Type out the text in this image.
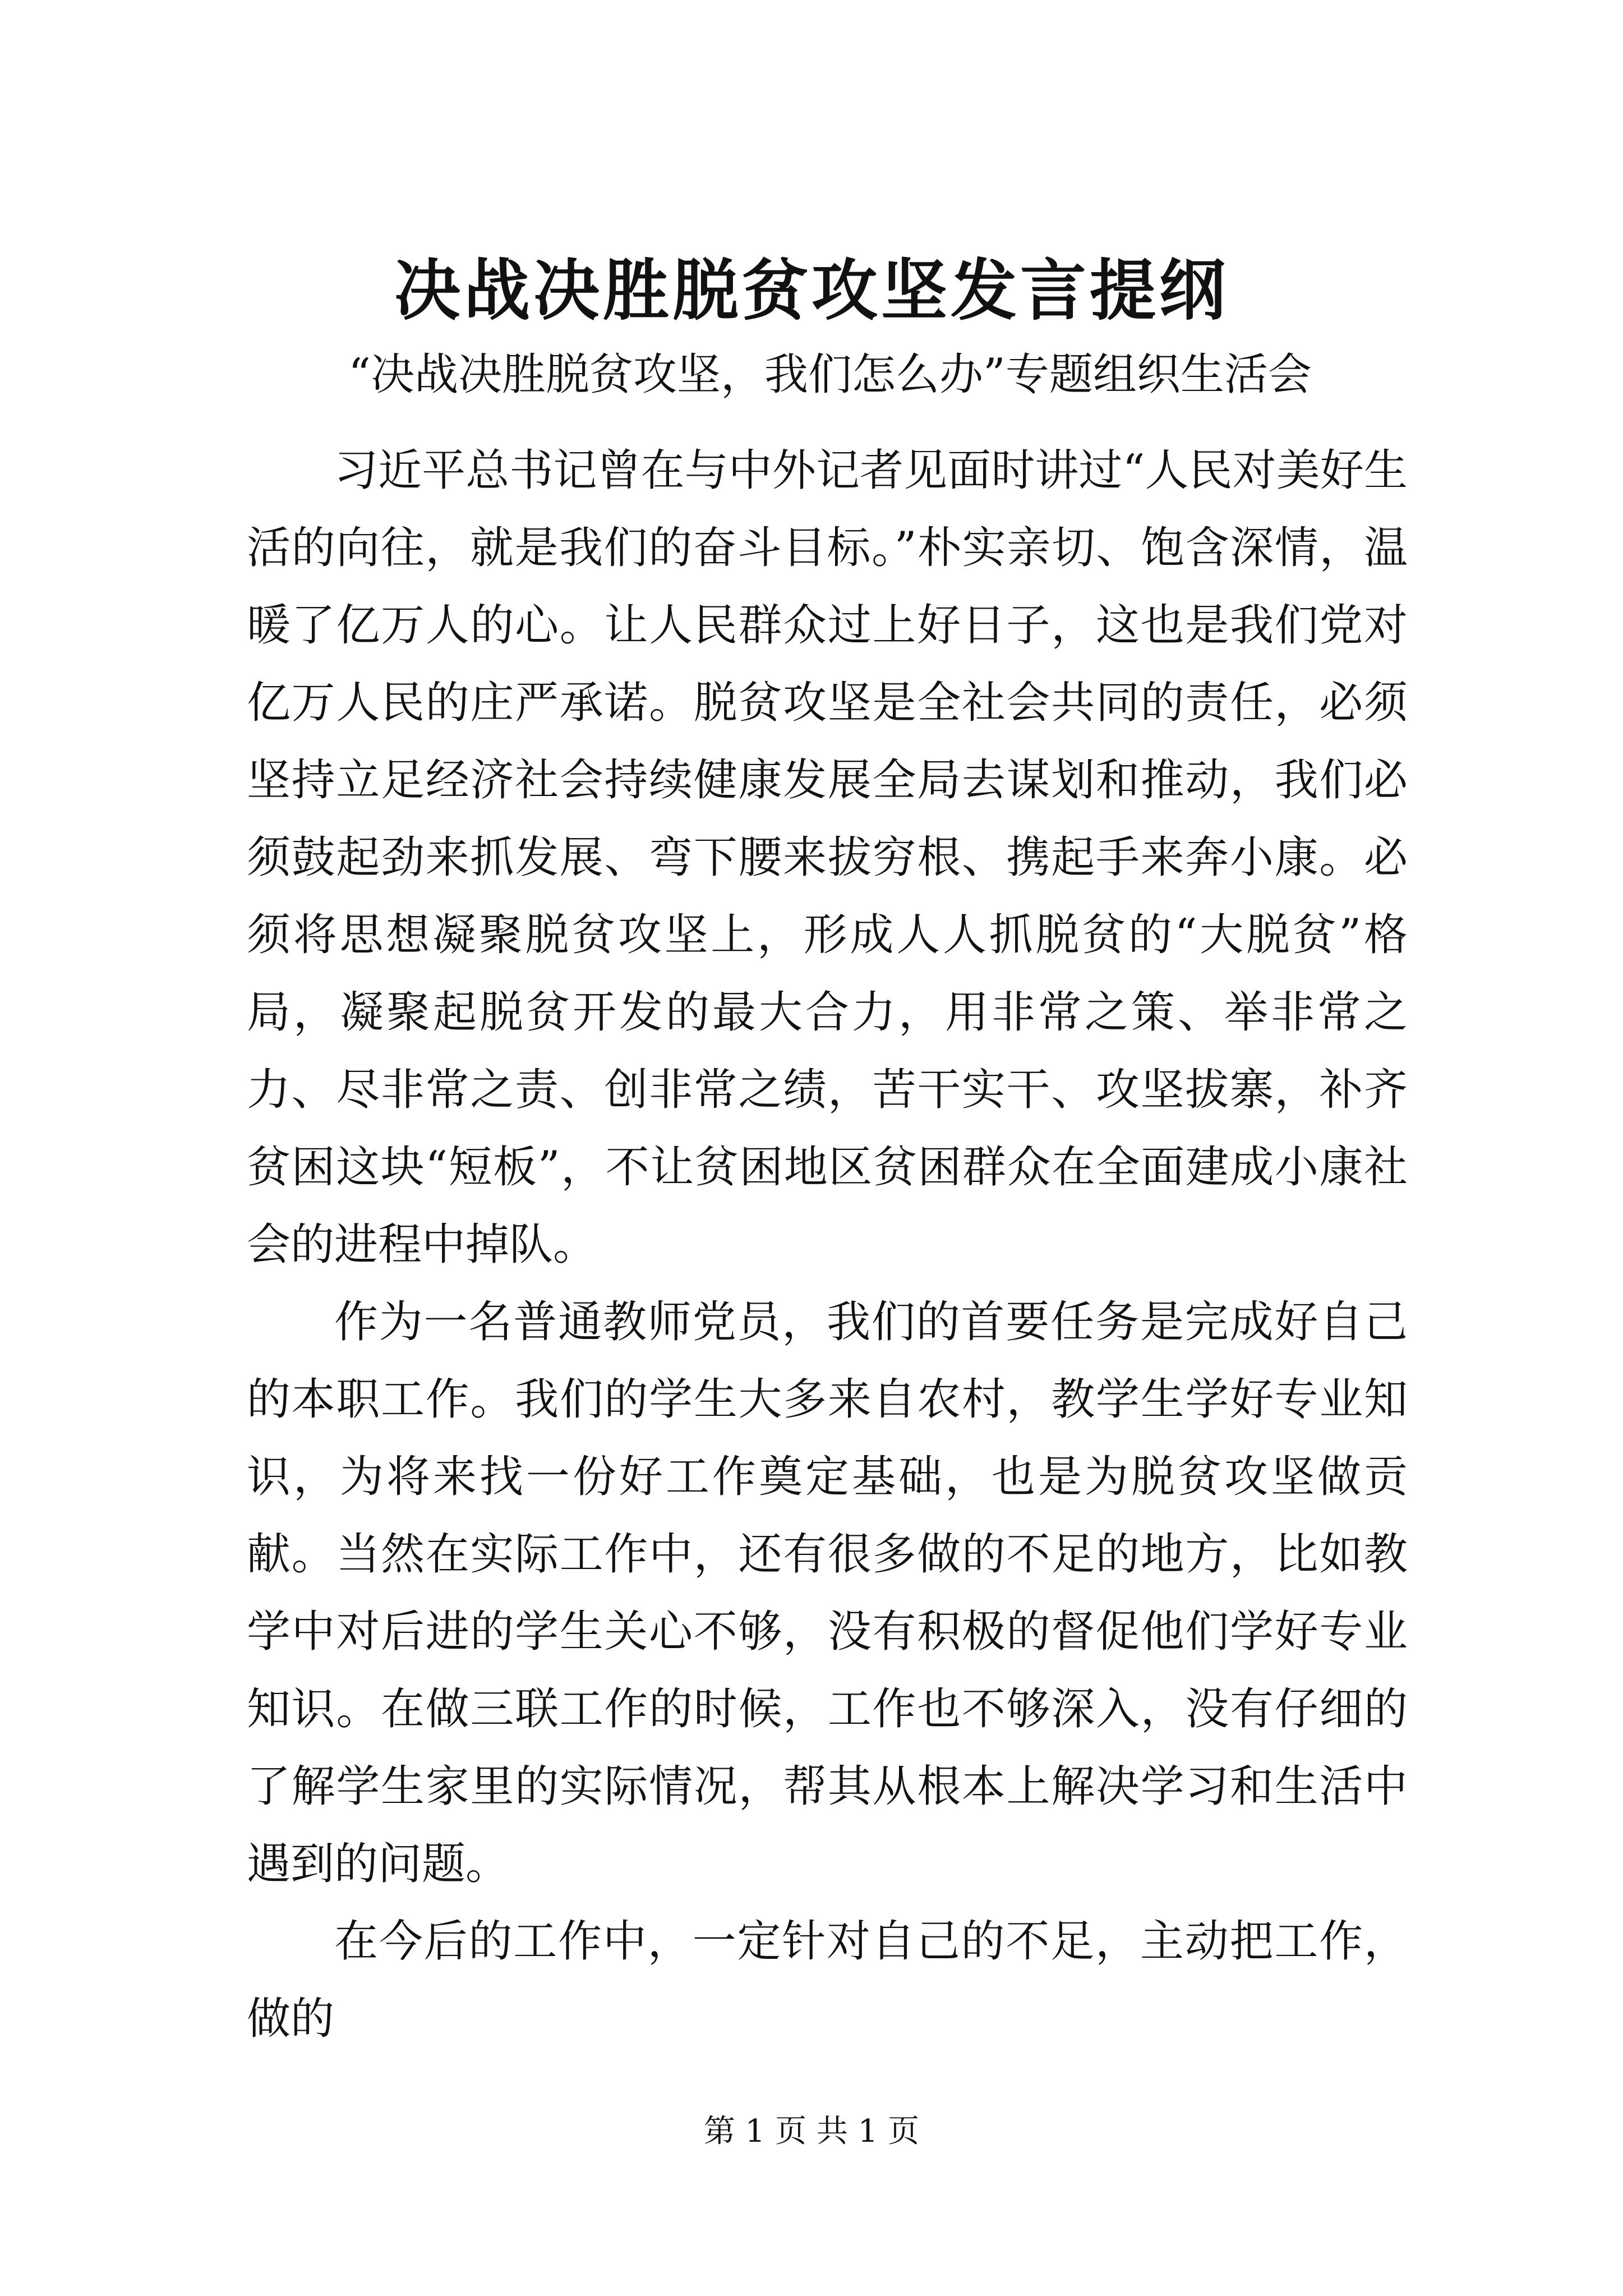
决战决胜脱贫攻坚发言提纲
“决战决胜脱贫攻坚，我们怎么办”专题组织生活会

习近平总书记曾在与中外记者见面时讲过“人民对美好生活的向往，就是我们的奋斗目标。”朴实亲切、饱含深情，温暖了亿万人的心。让人民群众过上好日子，这也是我们党对亿万人民的庄严承诺。脱贫攻坚是全社会共同的责任，必须坚持立足经济社会持续健康发展全局去谋划和推动，我们必须鼓起劲来抓发展、弯下腰来拔穷根、携起手来奔小康。必须将思想凝聚脱贫攻坚上，形成人人抓脱贫的“大脱贫”格局，凝聚起脱贫开发的最大合力，用非常之策、举非常之力、尽非常之责、创非常之绩，苦干实干、攻坚拔寨，补齐贫困这块“短板”，不让贫困地区贫困群众在全面建成小康社会的进程中掉队。

作为一名普通教师党员，我们的首要任务是完成好自己的本职工作。我们的学生大多来自农村，教学生学好专业知识，为将来找一份好工作奠定基础，也是为脱贫攻坚做贡献。当然在实际工作中，还有很多做的不足的地方，比如教学中对后进的学生关心不够，没有积极的督促他们学好专业知识。在做三联工作的时候，工作也不够深入，没有仔细的了解学生家里的实际情况，帮其从根本上解决学习和生活中遇到的问题。

在今后的工作中，一定针对自己的不足，主动把工作，做的

第 1 页 共 1 页
